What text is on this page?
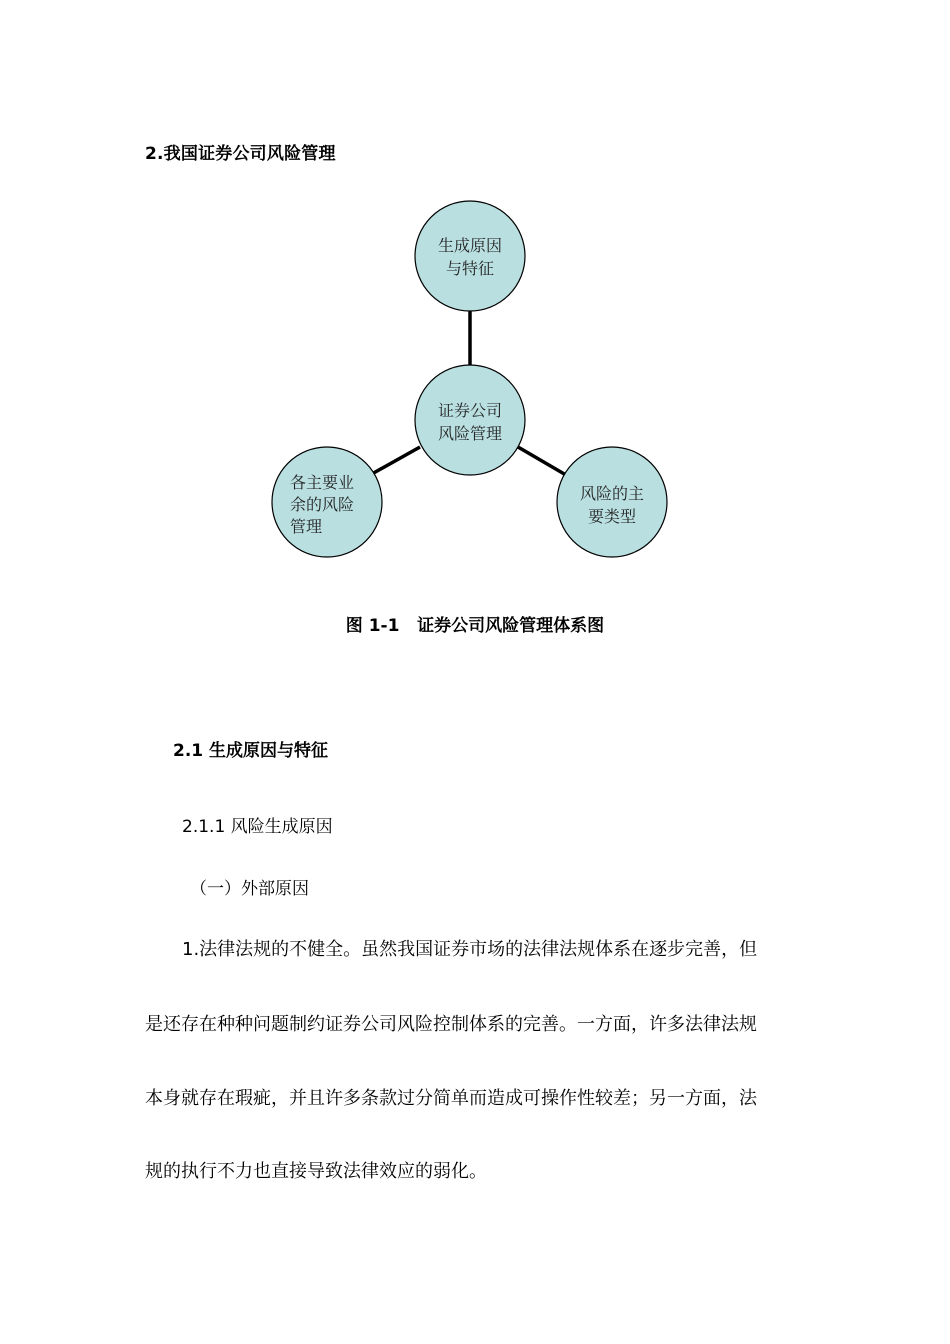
2.我国证券公司风险管理
生成原因
与特征
证券公司
风险管理
各主要业
余的风险
管理
风险的主
要类型
图 1-1   证券公司风险管理体系图
2.1 生成原因与特征
2.1.1 风险生成原因
（一）外部原因
1.法律法规的不健全。虽然我国证券市场的法律法规体系在逐步完善，但
是还存在种种问题制约证券公司风险控制体系的完善。一方面，许多法律法规
本身就存在瑕疵，并且许多条款过分简单而造成可操作性较差；另一方面，法
规的执行不力也直接导致法律效应的弱化。
